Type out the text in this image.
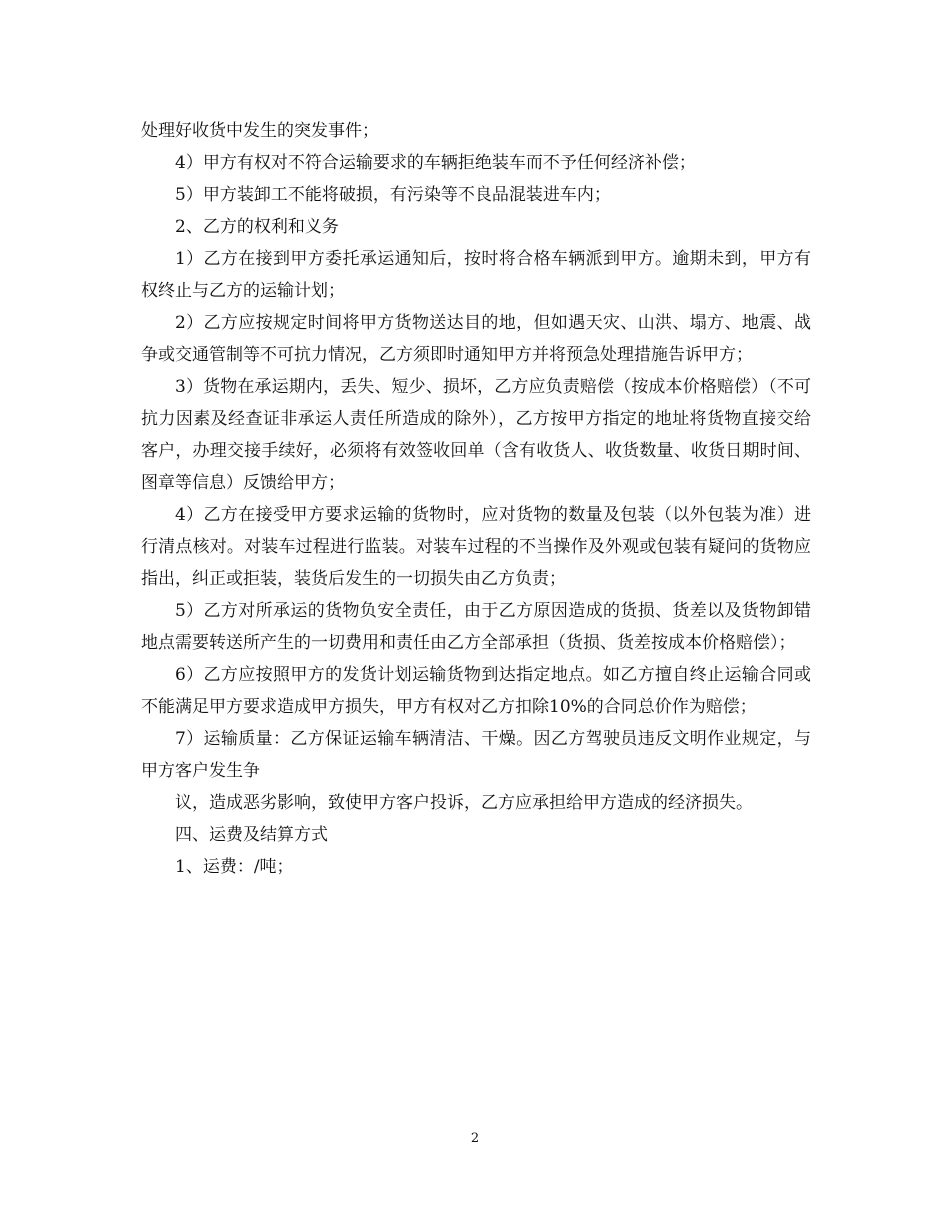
处理好收货中发生的突发事件；

4）甲方有权对不符合运输要求的车辆拒绝装车而不予任何经济补偿；

5）甲方装卸工不能将破损，有污染等不良品混装进车内；

2、乙方的权利和义务

1）乙方在接到甲方委托承运通知后，按时将合格车辆派到甲方。逾期未到，甲方有权终止与乙方的运输计划；

2）乙方应按规定时间将甲方货物送达目的地，但如遇天灾、山洪、塌方、地震、战争或交通管制等不可抗力情况，乙方须即时通知甲方并将预急处理措施告诉甲方；

3）货物在承运期内，丢失、短少、损坏，乙方应负责赔偿（按成本价格赔偿）（不可抗力因素及经查证非承运人责任所造成的除外），乙方按甲方指定的地址将货物直接交给客户，办理交接手续好，必须将有效签收回单（含有收货人、收货数量、收货日期时间、图章等信息）反馈给甲方；

4）乙方在接受甲方要求运输的货物时，应对货物的数量及包装（以外包装为准）进行清点核对。对装车过程进行监装。对装车过程的不当操作及外观或包装有疑问的货物应指出，纠正或拒装，装货后发生的一切损失由乙方负责；

5）乙方对所承运的货物负安全责任，由于乙方原因造成的货损、货差以及货物卸错地点需要转送所产生的一切费用和责任由乙方全部承担（货损、货差按成本价格赔偿）；

6）乙方应按照甲方的发货计划运输货物到达指定地点。如乙方擅自终止运输合同或不能满足甲方要求造成甲方损失，甲方有权对乙方扣除10%的合同总价作为赔偿；

7）运输质量：乙方保证运输车辆清洁、干燥。因乙方驾驶员违反文明作业规定，与甲方客户发生争

议，造成恶劣影响，致使甲方客户投诉，乙方应承担给甲方造成的经济损失。

四、运费及结算方式

1、运费：/吨；

2
